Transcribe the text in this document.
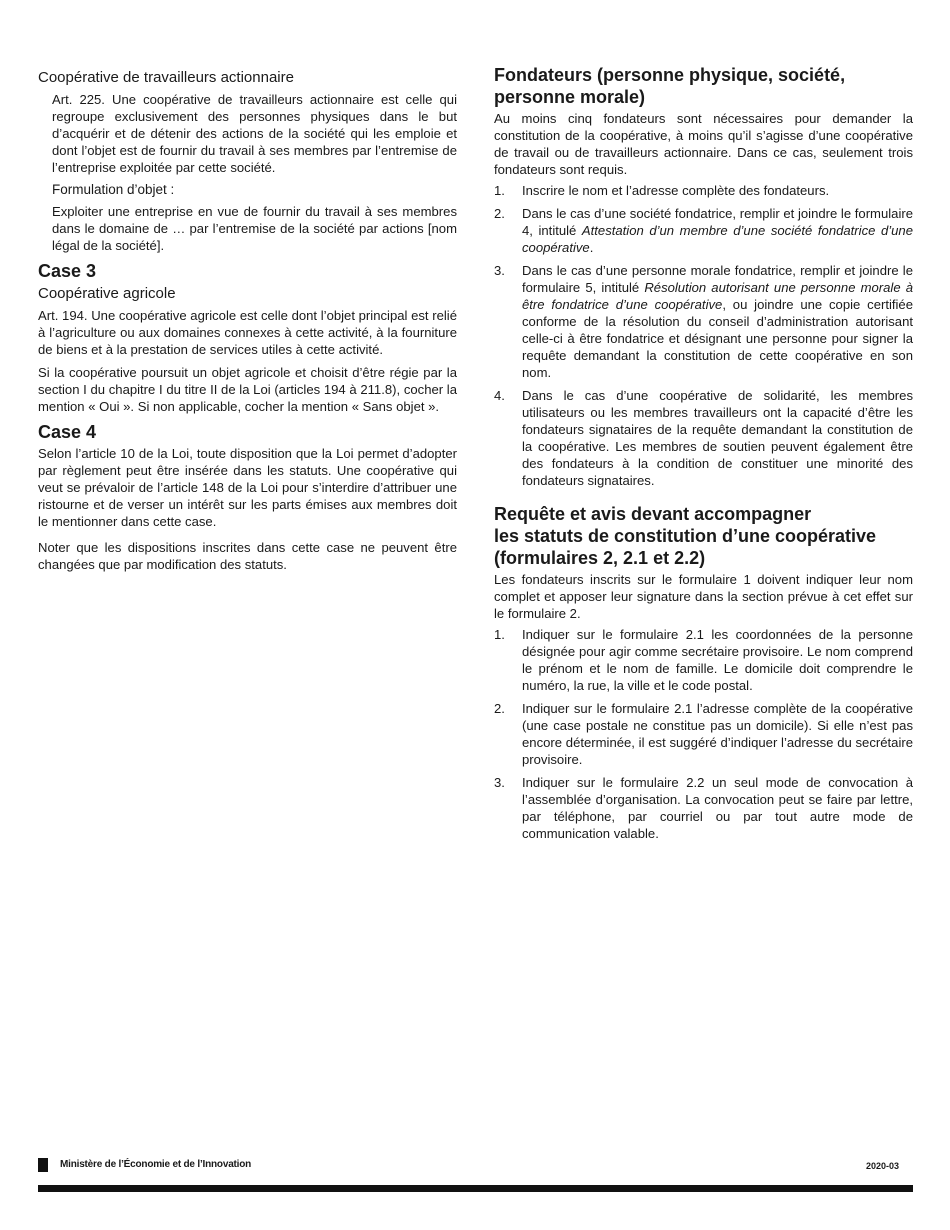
Coopérative de travailleurs actionnaire

Art. 225. Une coopérative de travailleurs actionnaire est celle qui regroupe exclusivement des personnes physiques dans le but d’acquérir et de détenir des actions de la société qui les emploie et dont l’objet est de fournir du travail à ses membres par l’entremise de l’entreprise exploitée par cette société.

Formulation d’objet :

Exploiter une entreprise en vue de fournir du travail à ses membres dans le domaine de … par l’entremise de la société par actions [nom légal de la société].

Case 3
Coopérative agricole

Art. 194. Une coopérative agricole est celle dont l’objet principal est relié à l’agriculture ou aux domaines connexes à cette activité, à la fourniture de biens et à la prestation de services utiles à cette activité.

Si la coopérative poursuit un objet agricole et choisit d’être régie par la section I du chapitre I du titre II de la Loi (articles 194 à 211.8), cocher la mention « Oui ». Si non applicable, cocher la mention « Sans objet ».

Case 4

Selon l’article 10 de la Loi, toute disposition que la Loi permet d’adopter par règlement peut être insérée dans les statuts. Une coopérative qui veut se prévaloir de l’article 148 de la Loi pour s’interdire d’attribuer une ristourne et de verser un intérêt sur les parts émises aux membres doit le mentionner dans cette case.

Noter que les dispositions inscrites dans cette case ne peuvent être changées que par modification des statuts.

Fondateurs (personne physique, société, personne morale)

Au moins cinq fondateurs sont nécessaires pour demander la constitution de la coopérative, à moins qu’il s’agisse d’une coopérative de travail ou de travailleurs actionnaire. Dans ce cas, seulement trois fondateurs sont requis.

1. Inscrire le nom et l’adresse complète des fondateurs.
2. Dans le cas d’une société fondatrice, remplir et joindre le formulaire 4, intitulé Attestation d’un membre d’une société fondatrice d’une coopérative.
3. Dans le cas d’une personne morale fondatrice, remplir et joindre le formulaire 5, intitulé Résolution autorisant une personne morale à être fondatrice d’une coopérative, ou joindre une copie certifiée conforme de la résolution du conseil d’administration autorisant celle-ci à être fondatrice et désignant une personne pour signer la requête demandant la constitution de cette coopérative en son nom.
4. Dans le cas d’une coopérative de solidarité, les membres utilisateurs ou les membres travailleurs ont la capacité d’être les fondateurs signataires de la requête demandant la constitution de la coopérative. Les membres de soutien peuvent également être des fondateurs à la condition de constituer une minorité des fondateurs signataires.
Requête et avis devant accompagner
les statuts de constitution d’une coopérative
(formulaires 2, 2.1 et 2.2)

Les fondateurs inscrits sur le formulaire 1 doivent indiquer leur nom complet et apposer leur signature dans la section prévue à cet effet sur le formulaire 2.

1. Indiquer sur le formulaire 2.1 les coordonnées de la personne désignée pour agir comme secrétaire provisoire. Le nom comprend le prénom et le nom de famille. Le domicile doit comprendre le numéro, la rue, la ville et le code postal.
2. Indiquer sur le formulaire 2.1 l’adresse complète de la coopérative (une case postale ne constitue pas un domicile). Si elle n’est pas encore déterminée, il est suggéré d’indiquer l’adresse du secrétaire provisoire.
3. Indiquer sur le formulaire 2.2 un seul mode de convocation à l’assemblée d’organisation. La convocation peut se faire par lettre, par téléphone, par courriel ou par tout autre mode de communication valable.
Ministère de l’Économie et de l’Innovation	2020-03
